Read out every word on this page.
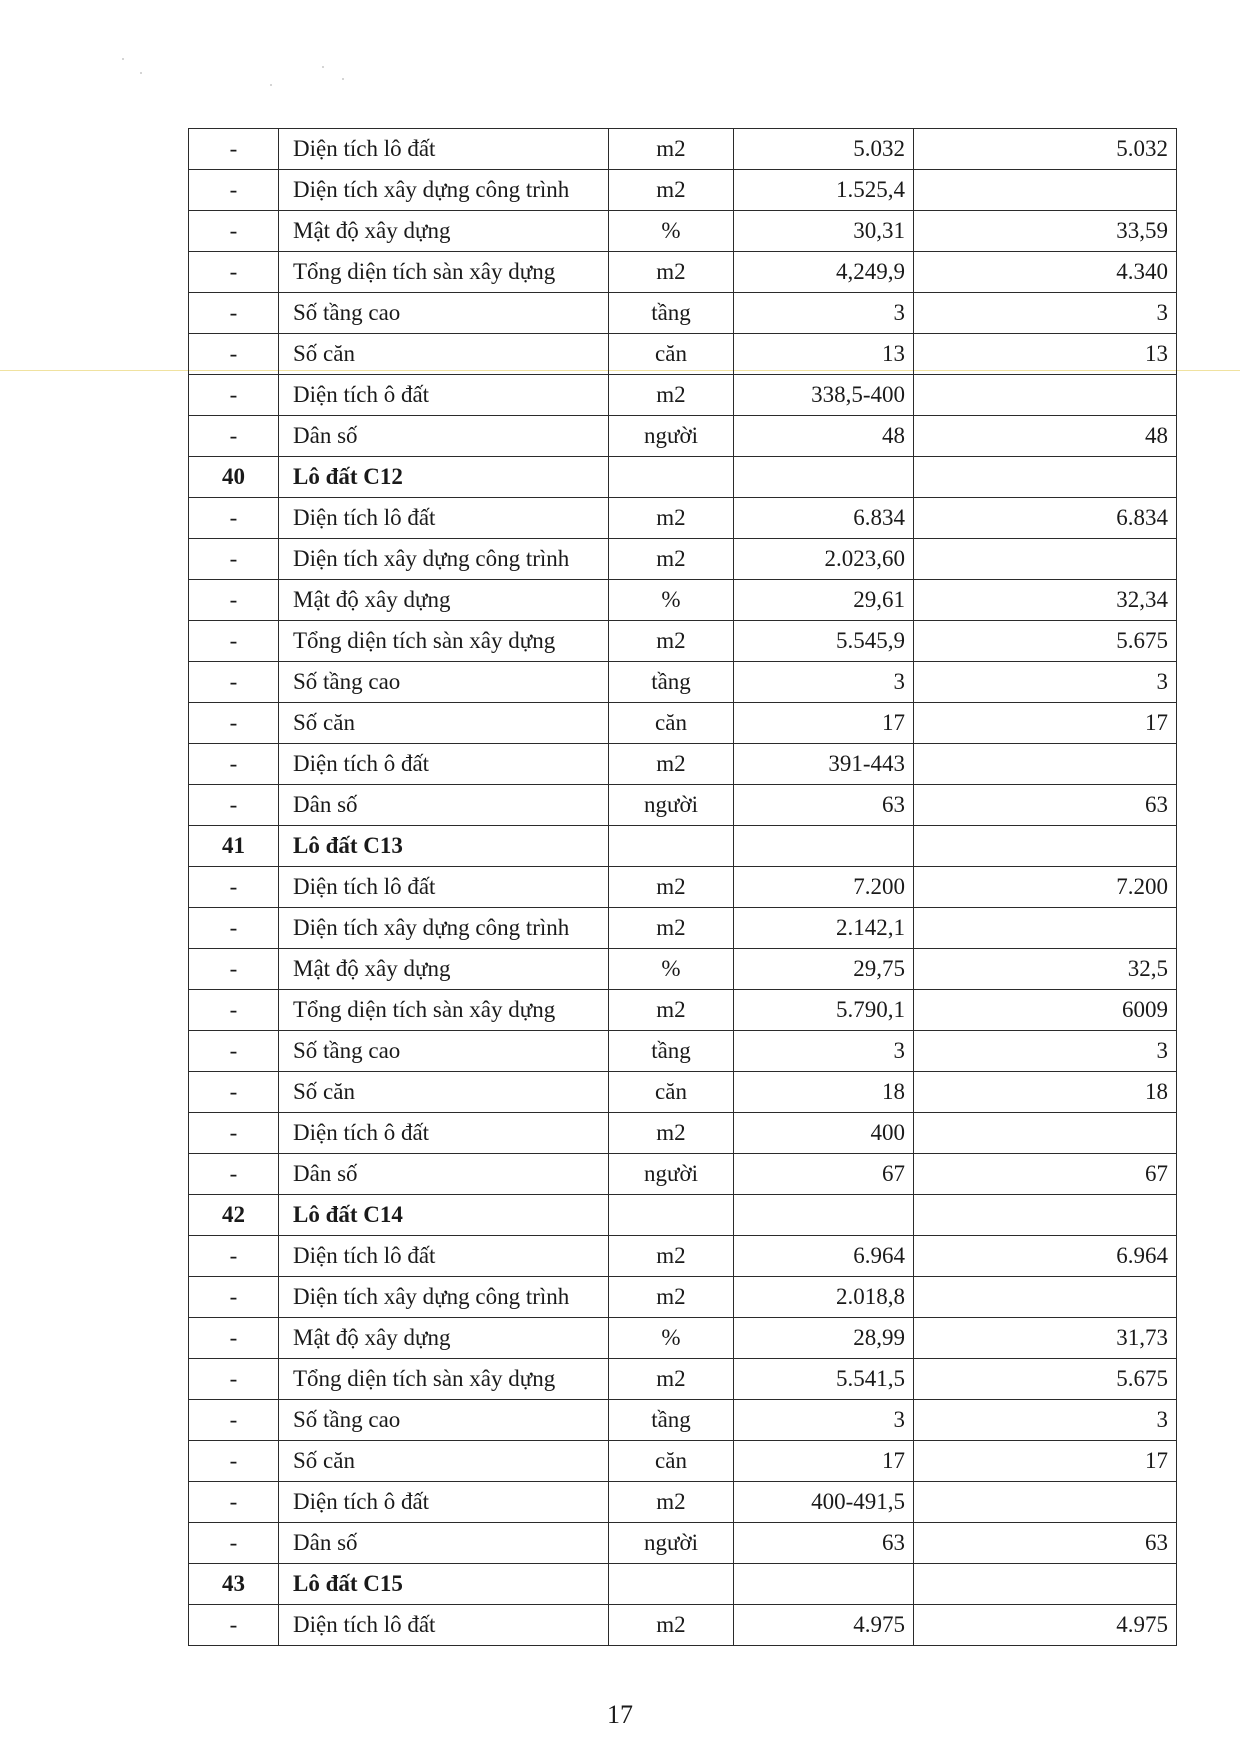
-	Diện tích lô đất	m2	5.032	5.032
-	Diện tích xây dựng công trình	m2	1.525,4	
-	Mật độ xây dựng	%	30,31	33,59
-	Tổng diện tích sàn xây dựng	m2	4,249,9	4.340
-	Số tầng cao	tầng	3	3
-	Số căn	căn	13	13
-	Diện tích ô đất	m2	338,5-400	
-	Dân số	người	48	48
40	Lô đất C12			
-	Diện tích lô đất	m2	6.834	6.834
-	Diện tích xây dựng công trình	m2	2.023,60	
-	Mật độ xây dựng	%	29,61	32,34
-	Tổng diện tích sàn xây dựng	m2	5.545,9	5.675
-	Số tầng cao	tầng	3	3
-	Số căn	căn	17	17
-	Diện tích ô đất	m2	391-443	
-	Dân số	người	63	63
41	Lô đất C13			
-	Diện tích lô đất	m2	7.200	7.200
-	Diện tích xây dựng công trình	m2	2.142,1	
-	Mật độ xây dựng	%	29,75	32,5
-	Tổng diện tích sàn xây dựng	m2	5.790,1	6009
-	Số tầng cao	tầng	3	3
-	Số căn	căn	18	18
-	Diện tích ô đất	m2	400	
-	Dân số	người	67	67
42	Lô đất C14			
-	Diện tích lô đất	m2	6.964	6.964
-	Diện tích xây dựng công trình	m2	2.018,8	
-	Mật độ xây dựng	%	28,99	31,73
-	Tổng diện tích sàn xây dựng	m2	5.541,5	5.675
-	Số tầng cao	tầng	3	3
-	Số căn	căn	17	17
-	Diện tích ô đất	m2	400-491,5	
-	Dân số	người	63	63
43	Lô đất C15			
-	Diện tích lô đất	m2	4.975	4.975
17
